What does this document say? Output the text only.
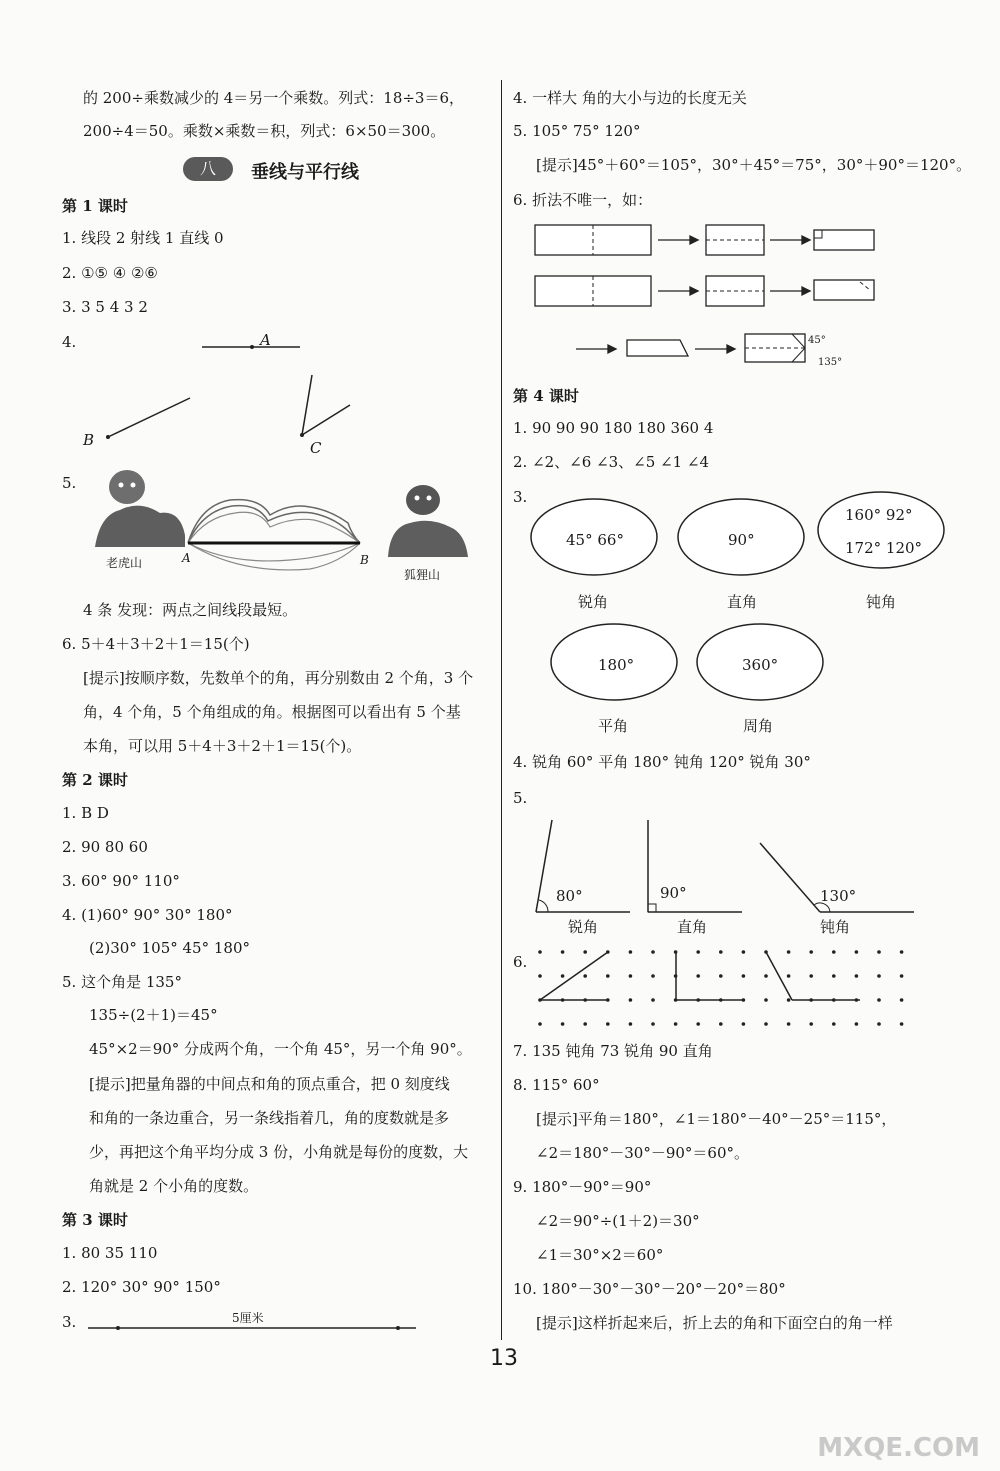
的 200÷乘数减少的 4＝另一个乘数。列式：18÷3＝6，
200÷4＝50。乘数×乘数＝积，列式：6×50＝300。
八	垂线与平行线
第 1 课时
1. 线段 2 射线 1 直线 0
2. ①⑤ ④ ②⑥
3. 3 5 4 3 2
4.	A
B	C
5.
老虎山	A	B
狐狸山
4 条 发现：两点之间线段最短。
6. 5＋4＋3＋2＋1＝15(个)
[提示]按顺序数，先数单个的角，再分别数由 2 个角，3 个
角，4 个角，5 个角组成的角。根据图可以看出有 5 个基
本角，可以用 5＋4＋3＋2＋1＝15(个)。
第 2 课时
1. B D
2. 90 80 60
3. 60° 90° 110°
4. (1)60° 90° 30° 180°
(2)30° 105° 45° 180°
5. 这个角是 135°
135÷(2＋1)＝45°
45°×2＝90° 分成两个角，一个角 45°，另一个角 90°。
[提示]把量角器的中间点和角的顶点重合，把 0 刻度线
和角的一条边重合，另一条线指着几，角的度数就是多
少，再把这个角平均分成 3 份，小角就是每份的度数，大
角就是 2 个小角的度数。
第 3 课时
1. 80 35 110
2. 120° 30° 90° 150°
3.	5厘米
4. 一样大 角的大小与边的长度无关
5. 105° 75° 120°
[提示]45°＋60°＝105°，30°＋45°＝75°，30°＋90°＝120°。
6. 折法不唯一，如：
45°
135°
第 4 课时
1. 90 90 90 180 180 360 4
2. ∠2、∠6 ∠3、∠5 ∠1 ∠4
3.
45° 66°	90°
160° 92°
172° 120°
180°	360°
锐角	直角	钝角
平角	周角
4. 锐角 60° 平角 180° 钝角 120° 锐角 30°
5.
80°	90°	130°
锐角	直角	钝角
6.
7. 135 钝角 73 锐角 90 直角
8. 115° 60°
[提示]平角＝180°，∠1＝180°－40°－25°＝115°，
∠2＝180°－30°－90°＝60°。
9. 180°－90°＝90°
∠2＝90°÷(1＋2)＝30°
∠1＝30°×2＝60°
10. 180°－30°－30°－20°－20°＝80°
[提示]这样折起来后，折上去的角和下面空白的角一样
13
MXQE.COM
